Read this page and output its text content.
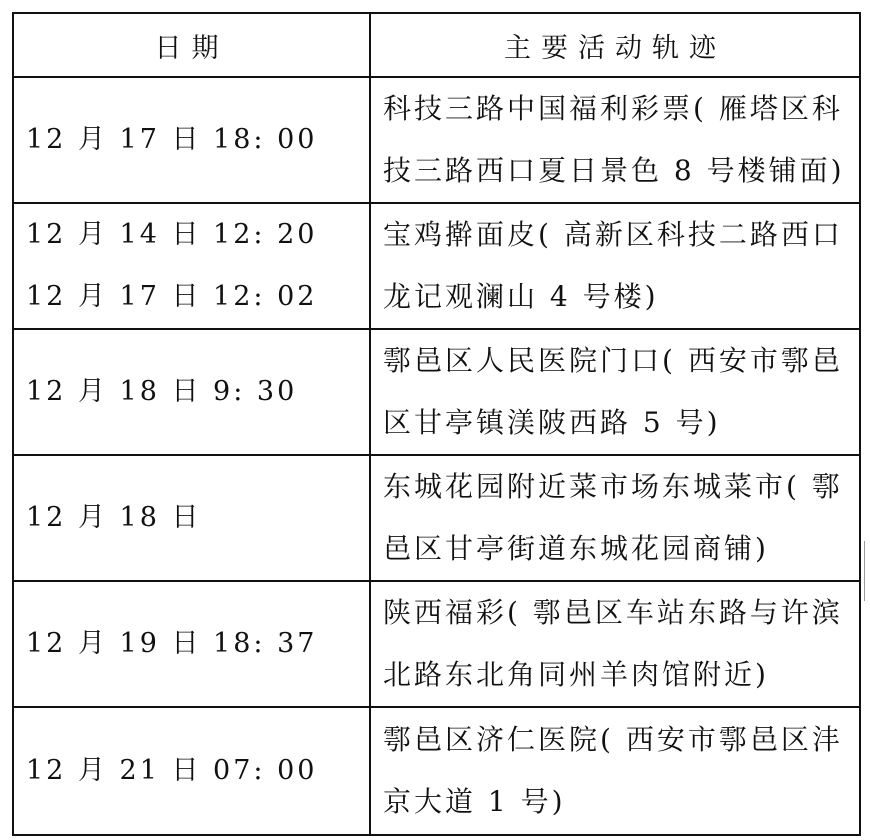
日期	主要活动轨迹

12 月 17 日 18: 00	科技三路中国福利彩票( 雁塔区科技三路西口夏日景色 8 号楼铺面)

12 月 14 日 12: 20
12 月 17 日 12: 02	宝鸡擀面皮( 高新区科技二路西口龙记观澜山 4 号楼)

12 月 18 日 9: 30	鄠邑区人民医院门口( 西安市鄠邑区甘亭镇渼陂西路 5 号)

12 月 18 日	东城花园附近菜市场东城菜市( 鄠邑区甘亭街道东城花园商铺)

12 月 19 日 18: 37	陕西福彩( 鄠邑区车站东路与许滨北路东北角同州羊肉馆附近)

12 月 21 日 07: 00	鄠邑区济仁医院( 西安市鄠邑区沣京大道 1 号)
